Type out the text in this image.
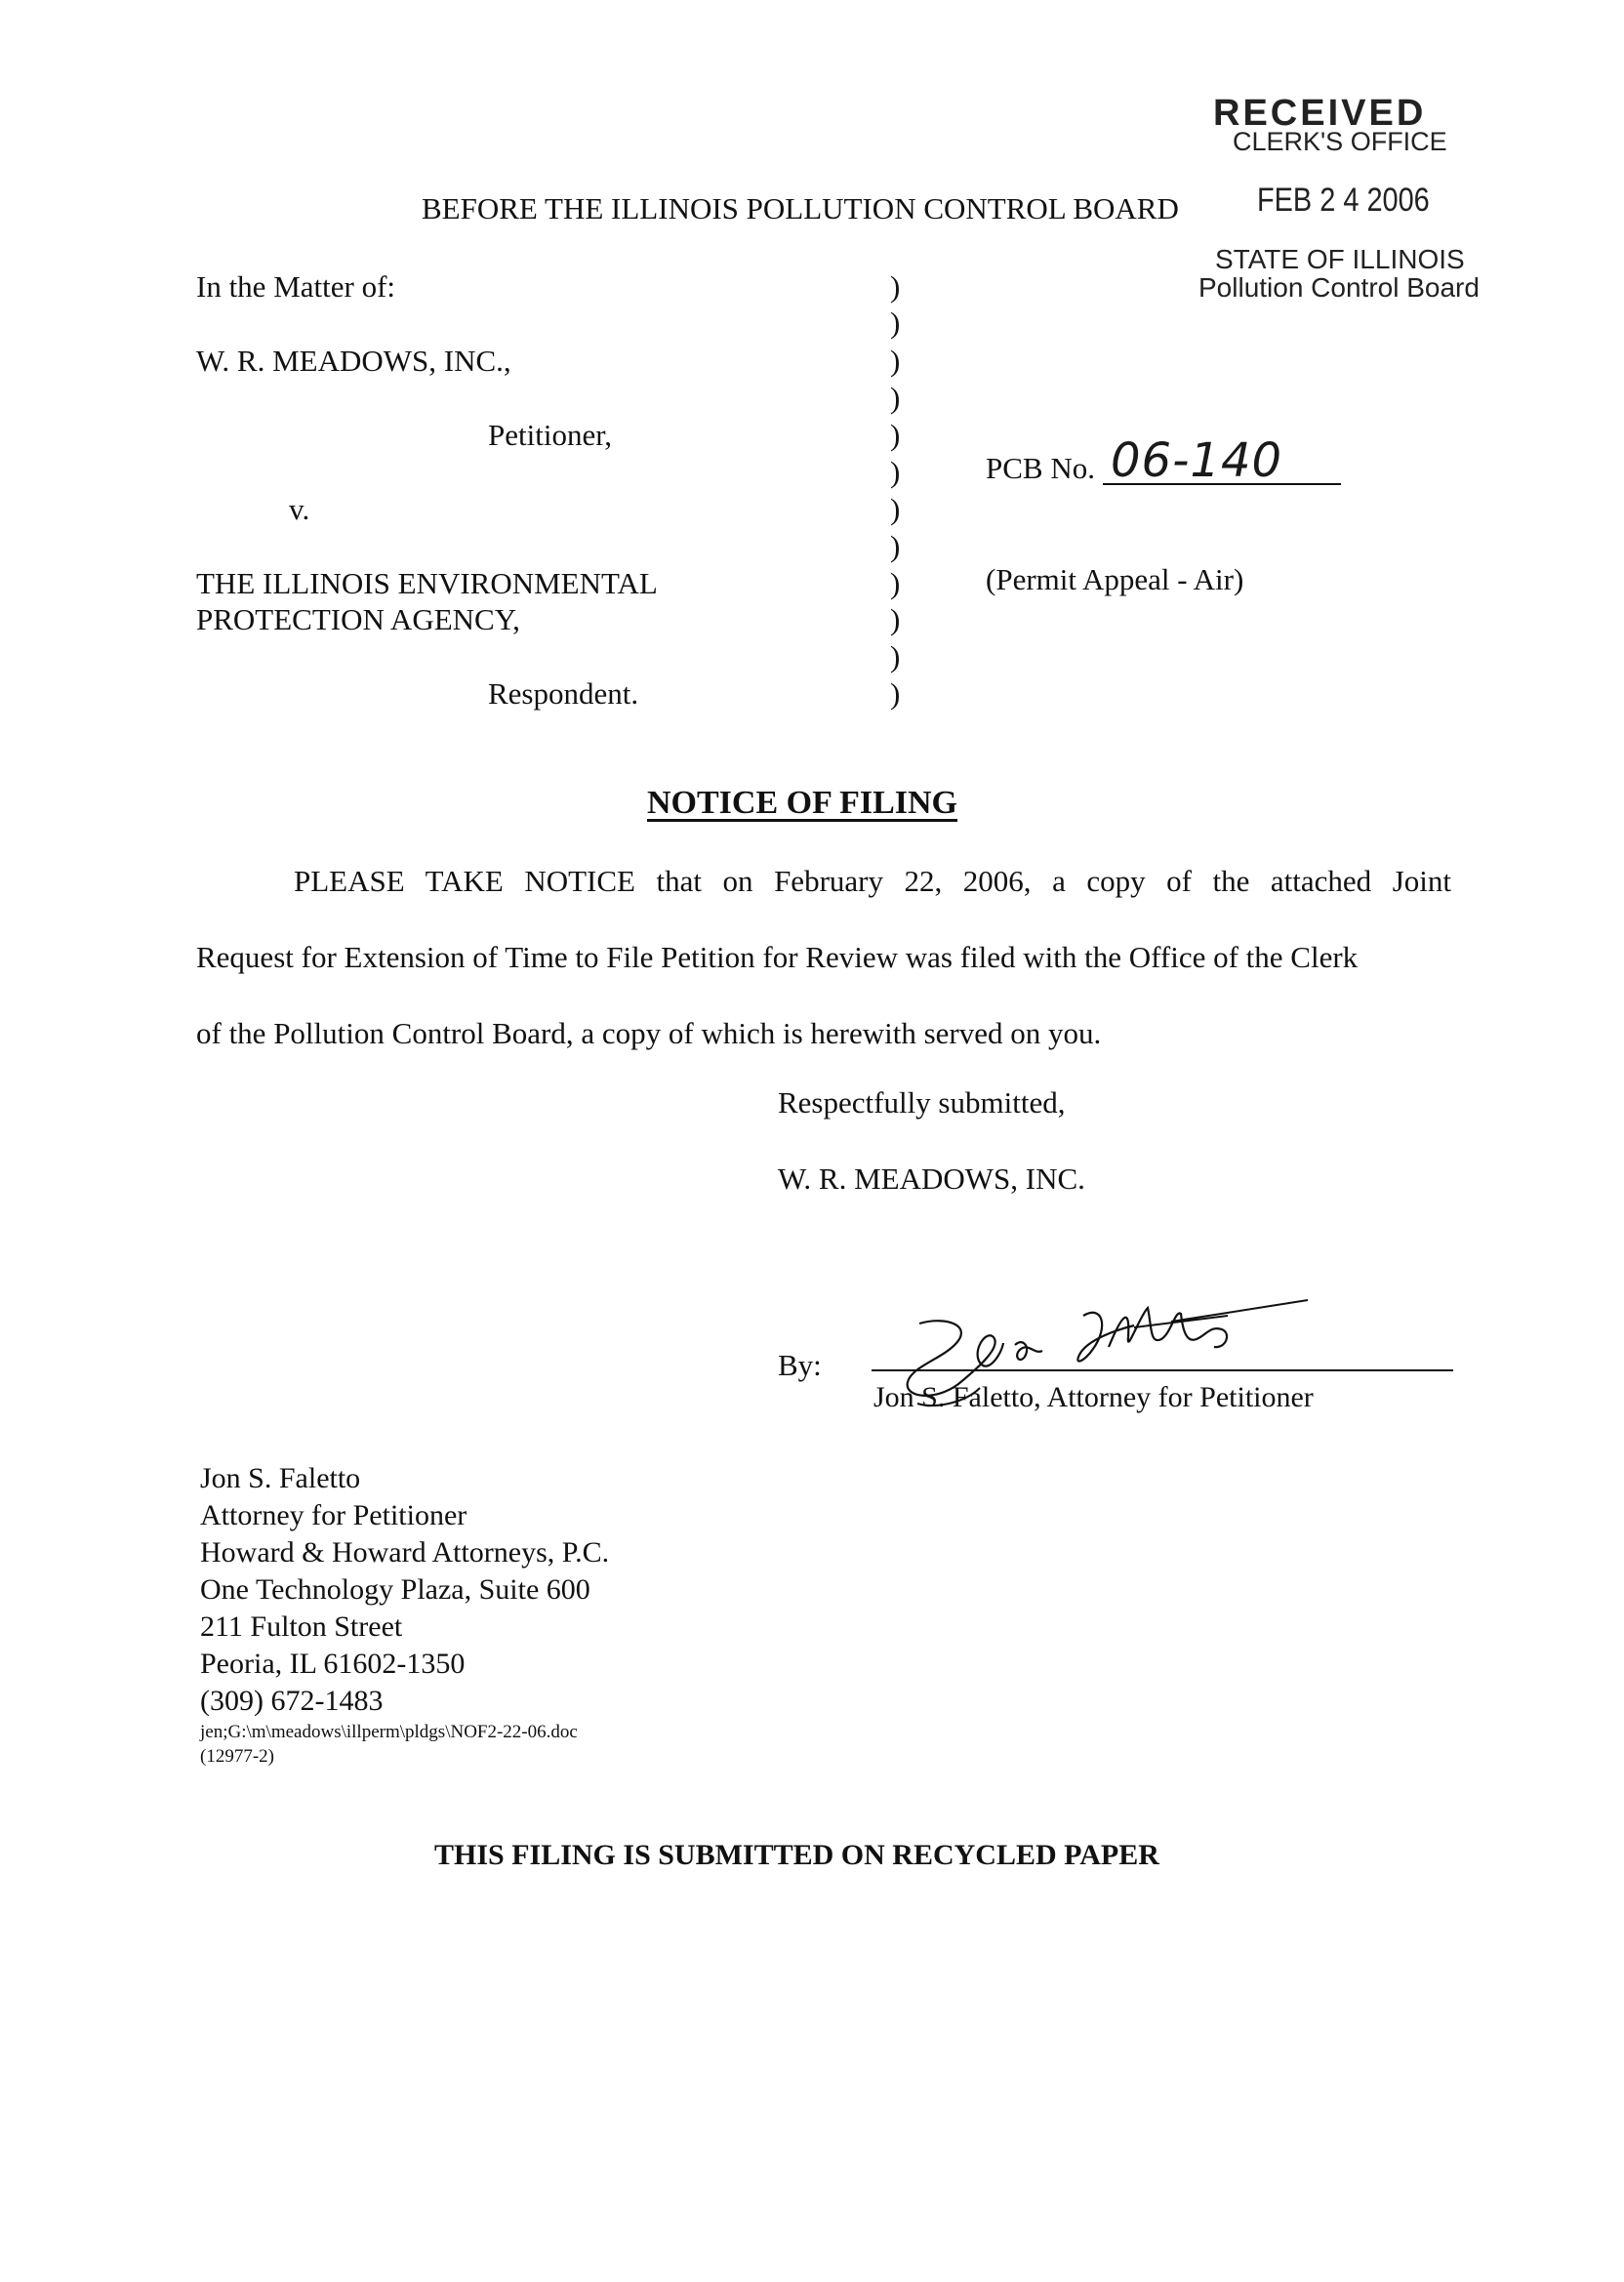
RECEIVED
CLERK'S OFFICE
FEB 2 4 2006
STATE OF ILLINOIS
Pollution Control Board
BEFORE THE ILLINOIS POLLUTION CONTROL BOARD
In the Matter of:
W. R. MEADOWS, INC.,
Petitioner,
v.
THE ILLINOIS ENVIRONMENTAL
PROTECTION AGENCY,
Respondent.
)
)
)
)
)
)
)
)
)
)
)
)
PCB No. 06-140
(Permit Appeal - Air)
NOTICE OF FILING
PLEASE TAKE NOTICE that on February 22, 2006, a copy of the attached Joint
Request for Extension of Time to File Petition for Review was filed with the Office of the Clerk
of the Pollution Control Board, a copy of which is herewith served on you.
Respectfully submitted,
W. R. MEADOWS, INC.
By:
Jon S. Faletto, Attorney for Petitioner
Jon S. Faletto
Attorney for Petitioner
Howard & Howard Attorneys, P.C.
One Technology Plaza, Suite 600
211 Fulton Street
Peoria, IL 61602-1350
(309) 672-1483
jen;G:\m\meadows\illperm\pldgs\NOF2-22-06.doc
(12977-2)
THIS FILING IS SUBMITTED ON RECYCLED PAPER
